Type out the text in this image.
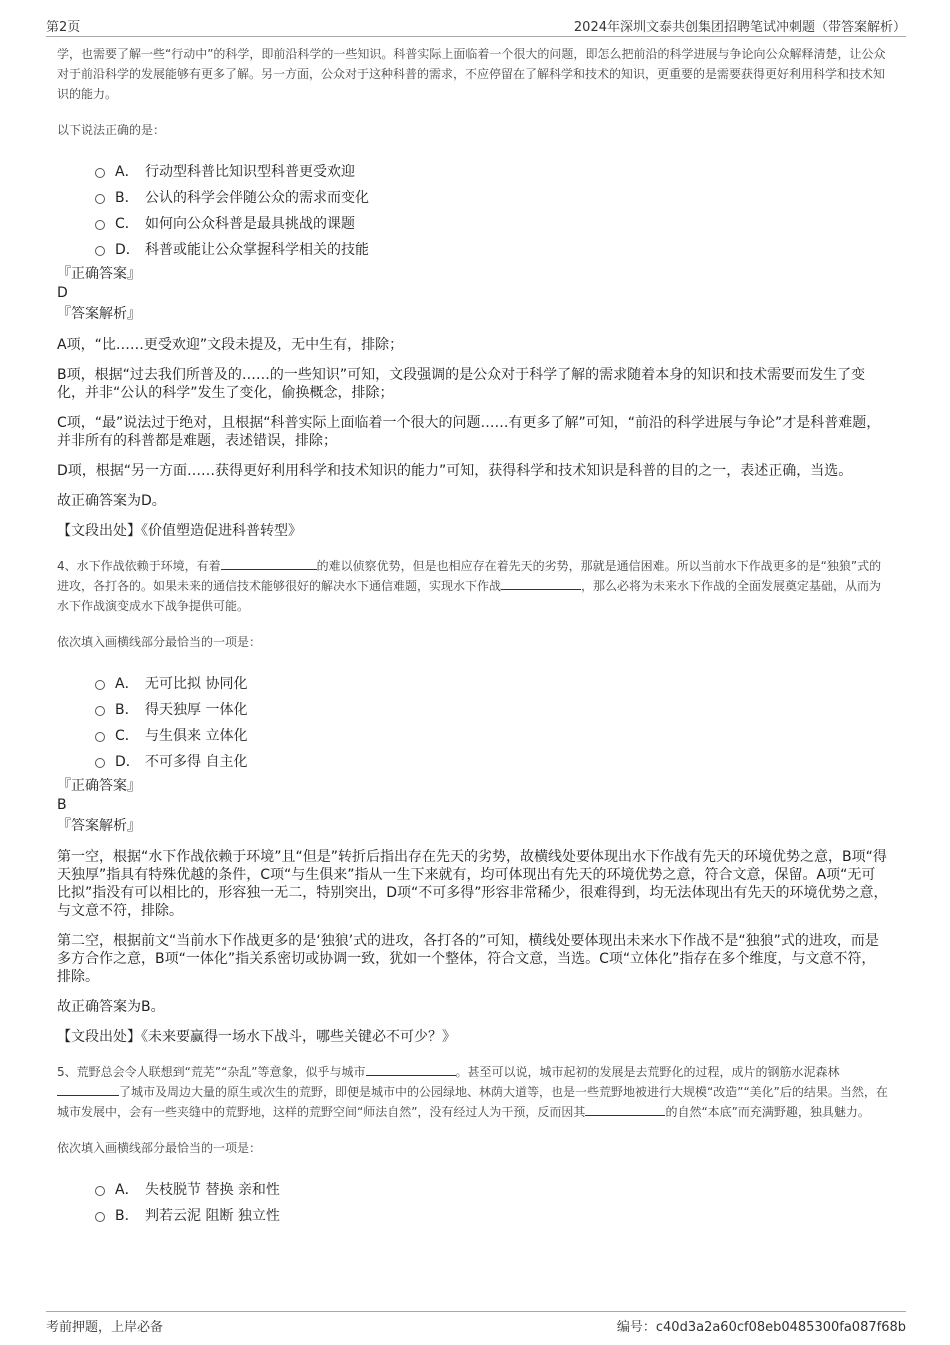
第2页	2024年深圳文泰共创集团招聘笔试冲刺题（带答案解析）

学，也需要了解一些“行动中”的科学，即前沿科学的一些知识。科普实际上面临着一个很大的问题，即怎么把前沿的科学进展与争论向公众解释清楚，让公众对于前沿科学的发展能够有更多了解。另一方面，公众对于这种科普的需求，不应停留在了解科学和技术的知识，更重要的是需要获得更好利用科学和技术知识的能力。

以下说法正确的是：

A． 行动型科普比知识型科普更受欢迎
B． 公认的科学会伴随公众的需求而变化
C． 如何向公众科普是最具挑战的课题
D． 科普或能让公众掌握科学相关的技能
『正确答案』
D
『答案解析』

A项，“比……更受欢迎”文段未提及，无中生有，排除；

B项，根据“过去我们所普及的……的一些知识”可知，文段强调的是公众对于科学了解的需求随着本身的知识和技术需要而发生了变化，并非“公认的科学”发生了变化，偷换概念，排除；

C项，“最”说法过于绝对，且根据“科普实际上面临着一个很大的问题……有更多了解”可知，“前沿的科学进展与争论”才是科普难题，并非所有的科普都是难题，表述错误，排除；

D项，根据“另一方面……获得更好利用科学和技术知识的能力”可知，获得科学和技术知识是科普的目的之一，表述正确，当选。

故正确答案为D。

【文段出处】《价值塑造促进科普转型》

4、水下作战依赖于环境，有着	的难以侦察优势，但是也相应存在着先天的劣势，那就是通信困难。所以当前水下作战更多的是“独狼”式的进攻，各打各的。如果未来的通信技术能够很好的解决水下通信难题，实现水下作战	，那么必将为未来水下作战的全面发展奠定基础，从而为水下作战演变成水下战争提供可能。

依次填入画横线部分最恰当的一项是：

A． 无可比拟 协同化
B． 得天独厚 一体化
C． 与生俱来 立体化
D． 不可多得 自主化
『正确答案』
B
『答案解析』

第一空，根据“水下作战依赖于环境”且“但是”转折后指出存在先天的劣势，故横线处要体现出水下作战有先天的环境优势之意，B项“得天独厚”指具有特殊优越的条件，C项“与生俱来”指从一生下来就有，均可体现出有先天的环境优势之意，符合文意，保留。A项“无可比拟”指没有可以相比的，形容独一无二，特别突出，D项“不可多得”形容非常稀少，很难得到，均无法体现出有先天的环境优势之意，与文意不符，排除。

第二空，根据前文“当前水下作战更多的是‘独狼’式的进攻，各打各的”可知，横线处要体现出未来水下作战不是“独狼”式的进攻，而是多方合作之意，B项“一体化”指关系密切或协调一致，犹如一个整体，符合文意，当选。C项“立体化”指存在多个维度，与文意不符，排除。

故正确答案为B。

【文段出处】《未来要赢得一场水下战斗，哪些关键必不可少？》

5、荒野总会令人联想到“荒芜”“杂乱”等意象，似乎与城市	。甚至可以说，城市起初的发展是去荒野化的过程，成片的钢筋水泥森林了城市及周边大量的原生或次生的荒野，即便是城市中的公园绿地、林荫大道等，也是一些荒野地被进行大规模“改造”“美化”后的结果。当然，在城市发展中，会有一些夹缝中的荒野地，这样的荒野空间“师法自然”，没有经过人为干预，反而因其	的自然“本底”而充满野趣，独具魅力。

依次填入画横线部分最恰当的一项是：

A． 失枝脱节 替换 亲和性
B． 判若云泥 阻断 独立性
考前押题，上岸必备	编号：c40d3a2a60cf08eb0485300fa087f68b
